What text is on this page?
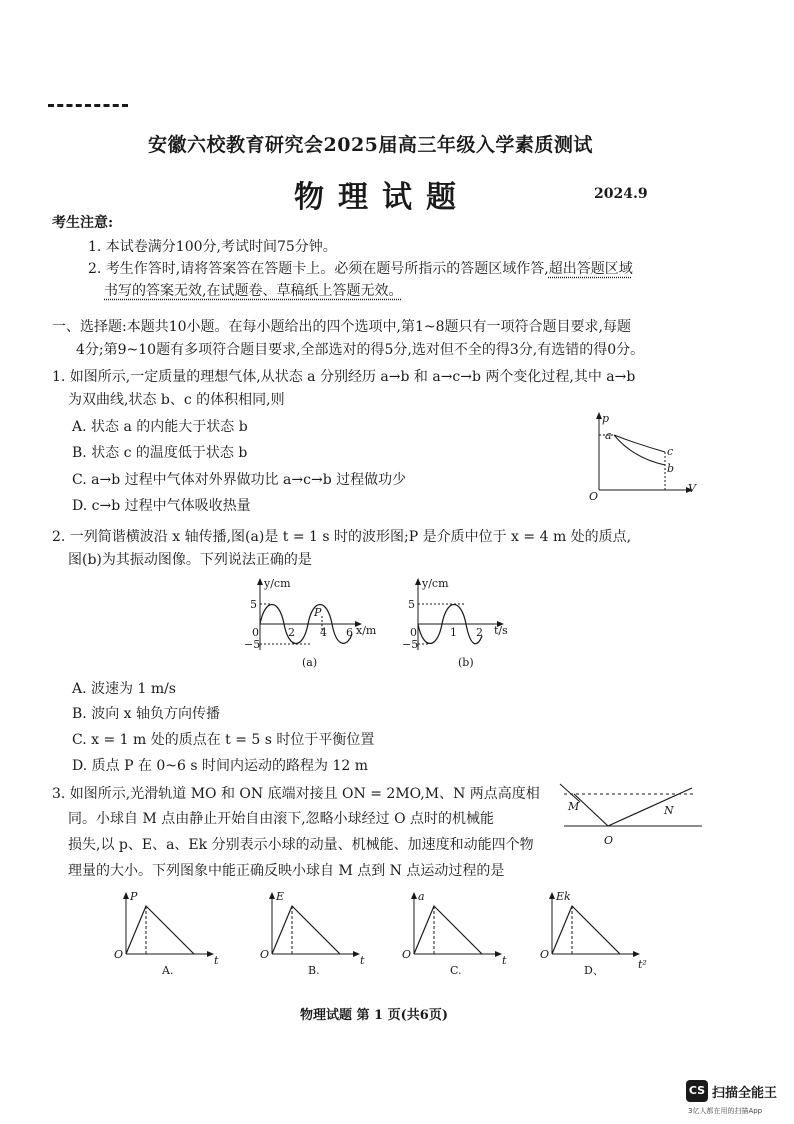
安徽六校教育研究会2025届高三年级入学素质测试
物理试题	2024.9
考生注意:
1. 本试卷满分100分,考试时间75分钟。
2. 考生作答时,请将答案答在答题卡上。必须在题号所指示的答题区域作答,超出答题区域
书写的答案无效,在试题卷、草稿纸上答题无效。
一、选择题:本题共10小题。在每小题给出的四个选项中,第1~8题只有一项符合题目要求,每题
4分;第9~10题有多项符合题目要求,全部选对的得5分,选对但不全的得3分,有选错的得0分。
1. 如图所示,一定质量的理想气体,从状态 a 分别经历 a→b 和 a→c→b 两个变化过程,其中 a→b
为双曲线,状态 b、c 的体积相同,则
A. 状态 a 的内能大于状态 b
B. 状态 c 的温度低于状态 b
C. a→b 过程中气体对外界做功比 a→c→b 过程做功少
D. c→b 过程中气体吸收热量
p
V
O
a
c
b
2. 一列简谐横波沿 x 轴传播,图(a)是 t = 1 s 时的波形图;P 是介质中位于 x = 4 m 处的质点,
图(b)为其振动图像。下列说法正确的是
y/cm
x/m
5
−5
0	2 4 6
P
(a)
y/cm
t/s
5
−5
0	1 2
(b)
A. 波速为 1 m/s
B. 波向 x 轴负方向传播
C. x = 1 m 处的质点在 t = 5 s 时位于平衡位置
D. 质点 P 在 0~6 s 时间内运动的路程为 12 m
3. 如图所示,光滑轨道 MO 和 ON 底端对接且 ON = 2MO,M、N 两点高度相
同。小球自 M 点由静止开始自由滚下,忽略小球经过 O 点时的机械能
损失,以 p、E、a、Ek 分别表示小球的动量、机械能、加速度和动能四个物
理量的大小。下列图象中能正确反映小球自 M 点到 N 点运动过程的是
M	N
O
P
t
O
A.
E
t
O
B.
a
t
O
C.
Ek
t²
O
D、
物理试题 第 1 页(共6页)
CS 扫描全能王
3亿人都在用的扫描App
